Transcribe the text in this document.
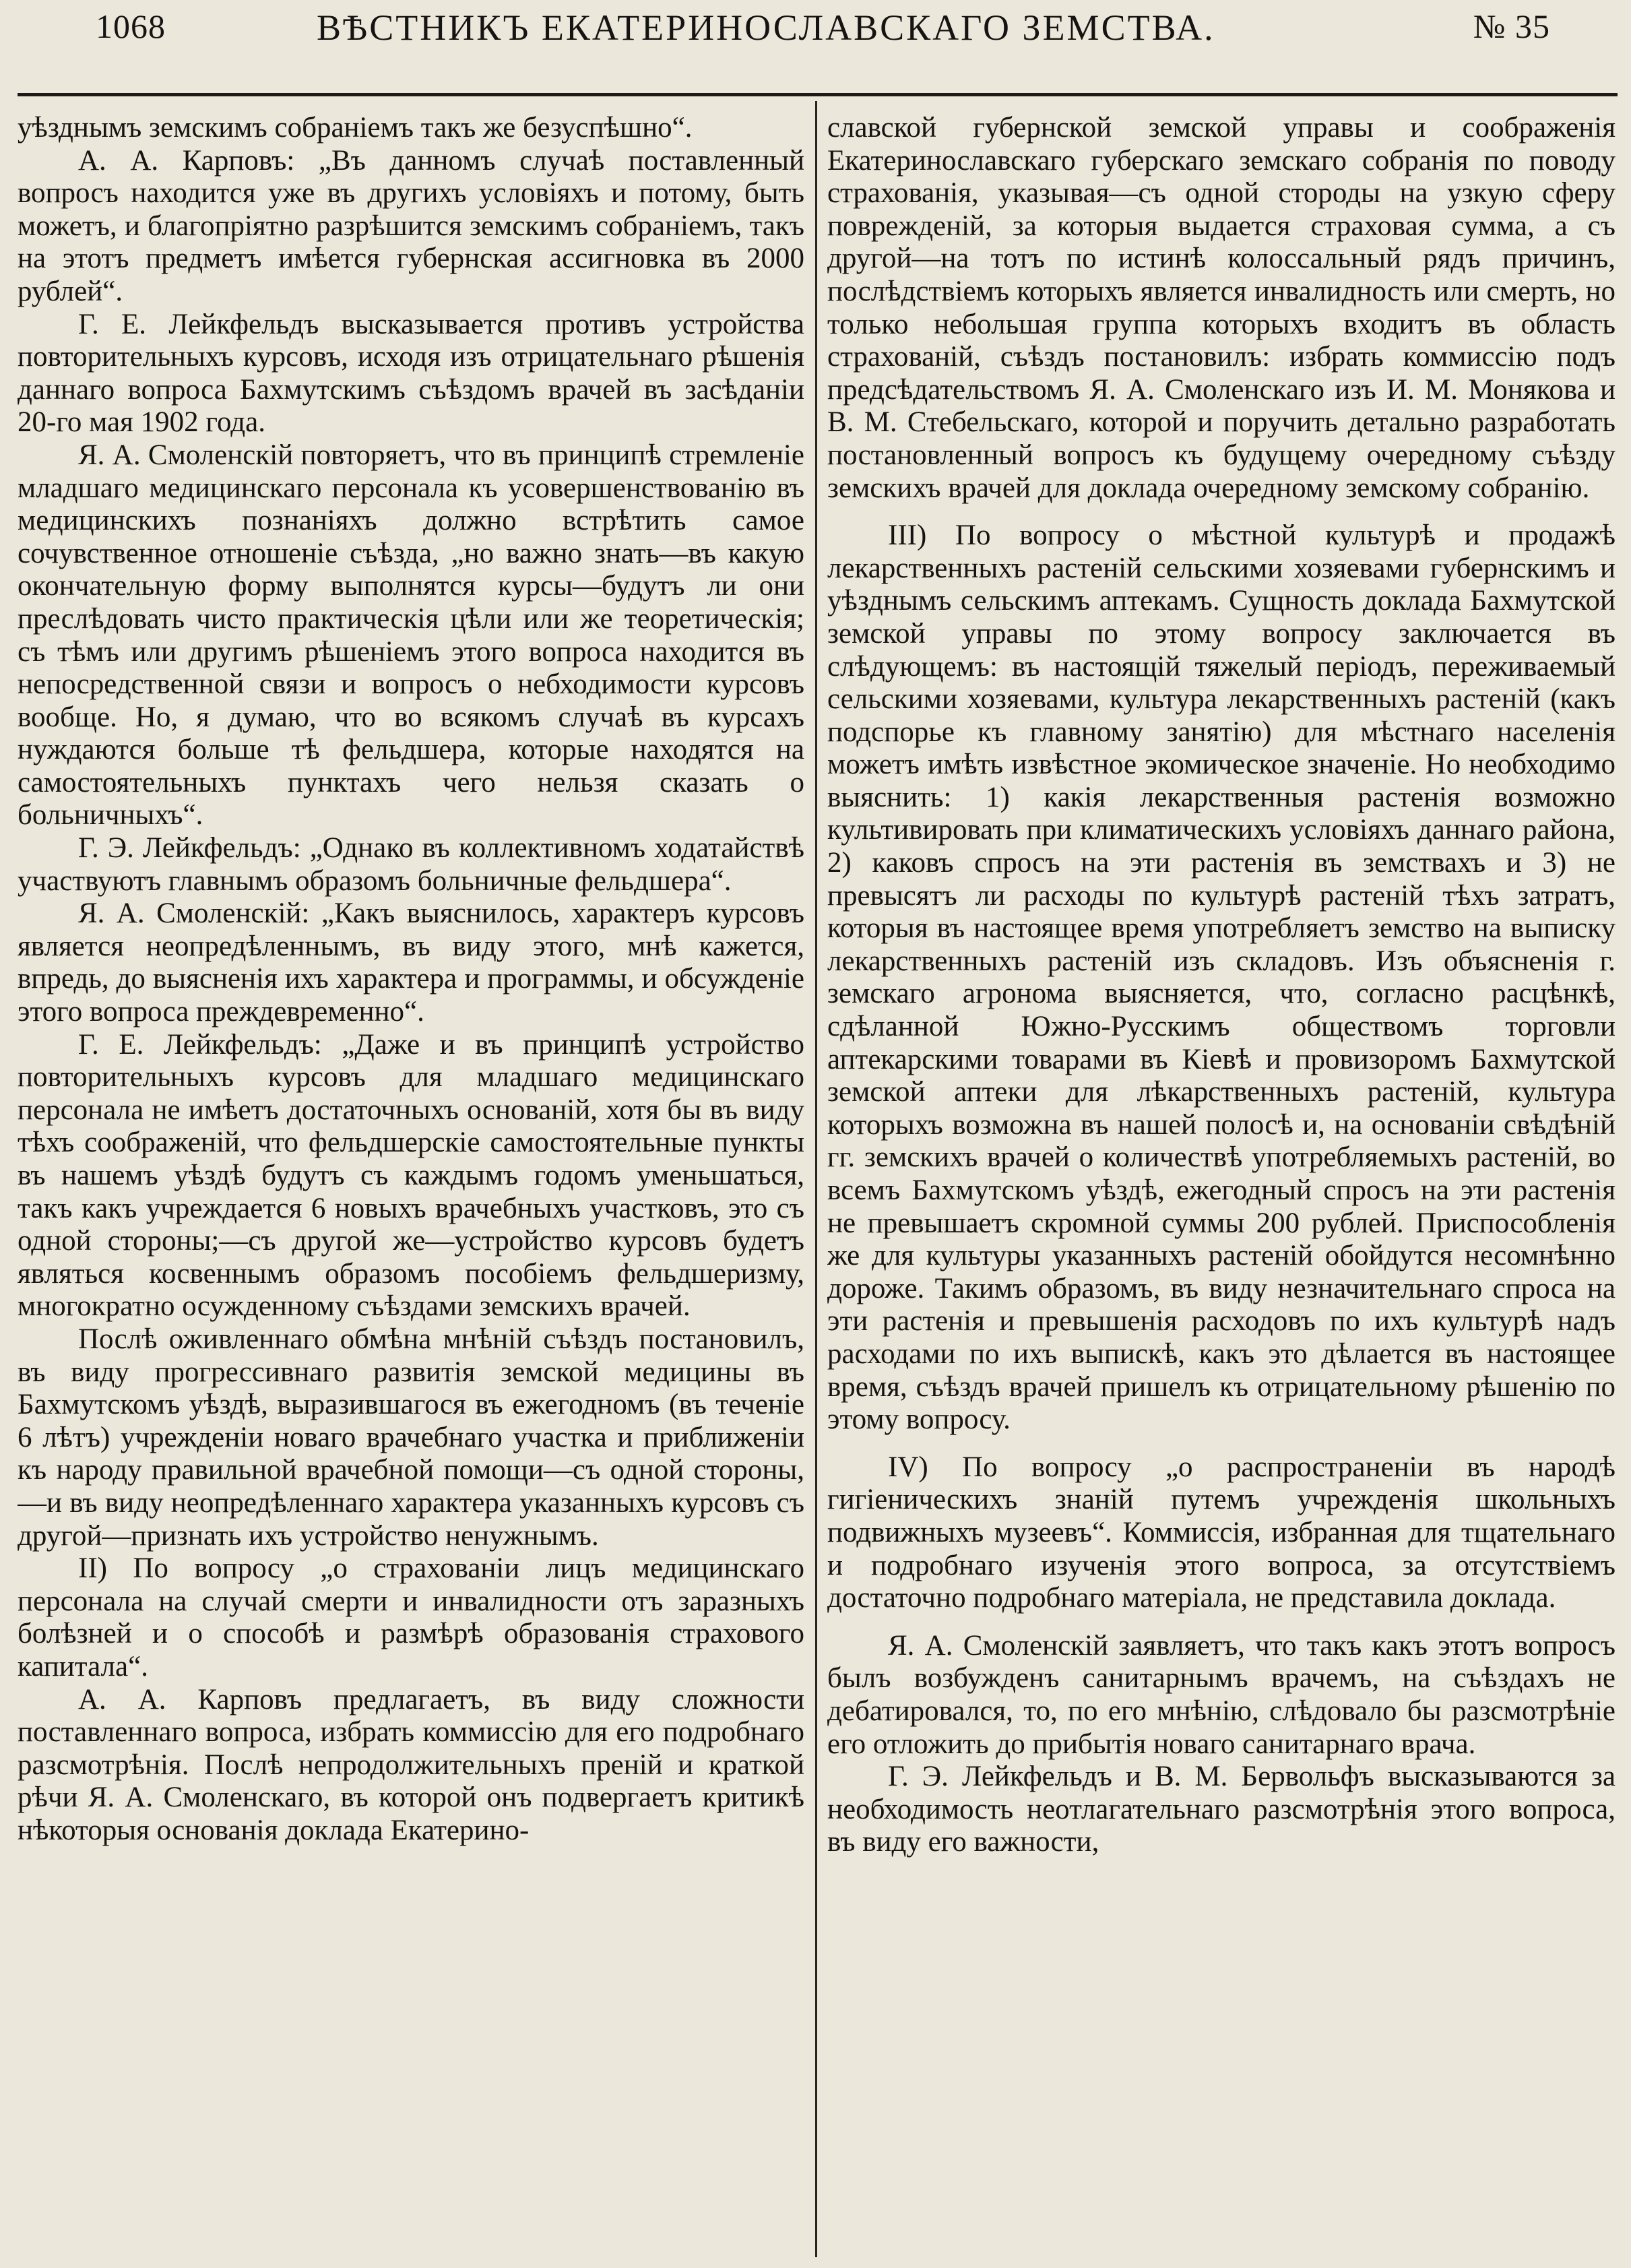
1068	ВѢСТНИКЪ ЕКАТЕРИНОСЛАВСКАГО ЗЕМСТВА.	№ 35

уѣзднымъ земскимъ собраніемъ такъ же безуспѣшно“.

А. А. Карповъ: „Въ данномъ случаѣ поставленный вопросъ находится уже въ другихъ условіяхъ и потому, быть можетъ, и благопріятно разрѣшится земскимъ собраніемъ, такъ на этотъ предметъ имѣется губернская ассигновка въ 2000 рублей“.

Г. Е. Лейкфельдъ высказывается противъ устройства повторительныхъ курсовъ, исходя изъ отрицательнаго рѣшенія даннаго вопроса Бахмутскимъ съѣздомъ врачей въ засѣданіи 20-го мая 1902 года.

Я. А. Смоленскій повторяетъ, что въ принципѣ стремленіе младшаго медицинскаго персонала къ усовершенствованію въ медицинскихъ познаніяхъ должно встрѣтить самое сочувственное отношеніе съѣзда, „но важно знать—въ какую окончательную форму выполнятся курсы—будутъ ли они преслѣдовать чисто практическія цѣли или же теоретическія; съ тѣмъ или другимъ рѣшеніемъ этого вопроса находится въ непосредственной связи и вопросъ о небходимости курсовъ вообще. Но, я думаю, что во всякомъ случаѣ въ курсахъ нуждаются больше тѣ фельдшера, которые находятся на самостоятельныхъ пунктахъ чего нельзя сказать о больничныхъ“.

Г. Э. Лейкфельдъ: „Однако въ коллективномъ ходатайствѣ участвуютъ главнымъ образомъ больничные фельдшера“.

Я. А. Смоленскій: „Какъ выяснилось, характеръ курсовъ является неопредѣленнымъ, въ виду этого, мнѣ кажется, впредь, до выясненія ихъ характера и программы, и обсужденіе этого вопроса преждевременно“.

Г. Е. Лейкфельдъ: „Даже и въ принципѣ устройство повторительныхъ курсовъ для младшаго медицинскаго персонала не имѣетъ достаточныхъ основаній, хотя бы въ виду тѣхъ соображеній, что фельдшерскіе самостоятельные пункты въ нашемъ уѣздѣ будутъ съ каждымъ годомъ уменьшаться, такъ какъ учреждается 6 новыхъ врачебныхъ участковъ, это съ одной стороны;—съ другой же—устройство курсовъ будетъ являться косвеннымъ образомъ пособіемъ фельдшеризму, многократно осужденному съѣздами земскихъ врачей.

Послѣ оживленнаго обмѣна мнѣній съѣздъ постановилъ, въ виду прогрессивнаго развитія земской медицины въ Бахмутскомъ уѣздѣ, выразившагося въ ежегодномъ (въ теченіе 6 лѣтъ) учрежденіи новаго врачебнаго участка и приближеніи къ народу правильной врачебной помощи—съ одной стороны,—и въ виду неопредѣленнаго характера указанныхъ курсовъ съ другой—признать ихъ устройство ненужнымъ.

II) По вопросу „о страхованіи лицъ медицинскаго персонала на случай смерти и инвалидности отъ заразныхъ болѣзней и о способѣ и размѣрѣ образованія страхового капитала“.

А. А. Карповъ предлагаетъ, въ виду сложности поставленнаго вопроса, избрать коммиссію для его подробнаго разсмотрѣнія. Послѣ непродолжительныхъ преній и краткой рѣчи Я. А. Смоленскаго, въ которой онъ подвергаетъ критикѣ нѣкоторыя основанія доклада Екатерино-

славской губернской земской управы и соображенія Екатеринославскаго губерскаго земскаго собранія по поводу страхованія, указывая—съ одной стороды на узкую сферу поврежденій, за которыя выдается страховая сумма, а съ другой—на тотъ по истинѣ колоссальный рядъ причинъ, послѣдствіемъ которыхъ является инвалидность или смерть, но только небольшая группа которыхъ входитъ въ область страхованій, съѣздъ постановилъ: избрать коммиссію подъ предсѣдательствомъ Я. А. Смоленскаго изъ И. М. Монякова и В. М. Стебельскаго, которой и поручить детально разработать постановленный вопросъ къ будущему очередному съѣзду земскихъ врачей для доклада очередному земскому собранію.

III) По вопросу о мѣстной культурѣ и продажѣ лекарственныхъ растеній сельскими хозяевами губернскимъ и уѣзднымъ сельскимъ аптекамъ. Сущность доклада Бахмутской земской управы по этому вопросу заключается въ слѣдующемъ: въ настоящій тяжелый періодъ, переживаемый сельскими хозяевами, культура лекарственныхъ растеній (какъ подспорье къ главному занятію) для мѣстнаго населенія можетъ имѣть извѣстное экомическое значеніе. Но необходимо выяснить: 1) какія лекарственныя растенія возможно культивировать при климатическихъ условіяхъ даннаго района, 2) каковъ спросъ на эти растенія въ земствахъ и 3) не превысятъ ли расходы по культурѣ растеній тѣхъ затратъ, которыя въ настоящее время употребляетъ земство на выписку лекарственныхъ растеній изъ складовъ. Изъ объясненія г. земскаго агронома выясняется, что, согласно расцѣнкѣ, сдѣланной Южно-Русскимъ обществомъ торговли аптекарскими товарами въ Кіевѣ и провизоромъ Бахмутской земской аптеки для лѣкарственныхъ растеній, культура которыхъ возможна въ нашей полосѣ и, на основаніи свѣдѣній гг. земскихъ врачей о количествѣ употребляемыхъ растеній, во всемъ Бахмутскомъ уѣздѣ, ежегодный спросъ на эти растенія не превышаетъ скромной суммы 200 рублей. Приспособленія же для культуры указанныхъ растеній обойдутся несомнѣнно дороже. Такимъ образомъ, въ виду незначительнаго спроса на эти растенія и превышенія расходовъ по ихъ культурѣ надъ расходами по ихъ выпискѣ, какъ это дѣлается въ настоящее время, съѣздъ врачей пришелъ къ отрицательному рѣшенію по этому вопросу.

IV) По вопросу „о распространеніи въ народѣ гигіеническихъ знаній путемъ учрежденія школьныхъ подвижныхъ музеевъ“. Коммиссія, избранная для тщательнаго и подробнаго изученія этого вопроса, за отсутствіемъ достаточно подробнаго матеріала, не представила доклада.

Я. А. Смоленскій заявляетъ, что такъ какъ этотъ вопросъ былъ возбужденъ санитарнымъ врачемъ, на съѣздахъ не дебатировался, то, по его мнѣнію, слѣдовало бы разсмотрѣніе его отложить до прибытія новаго санитарнаго врача.

Г. Э. Лейкфельдъ и В. М. Бервольфъ высказываются за необходимость неотлагательнаго разсмотрѣнія этого вопроса, въ виду его важности,
